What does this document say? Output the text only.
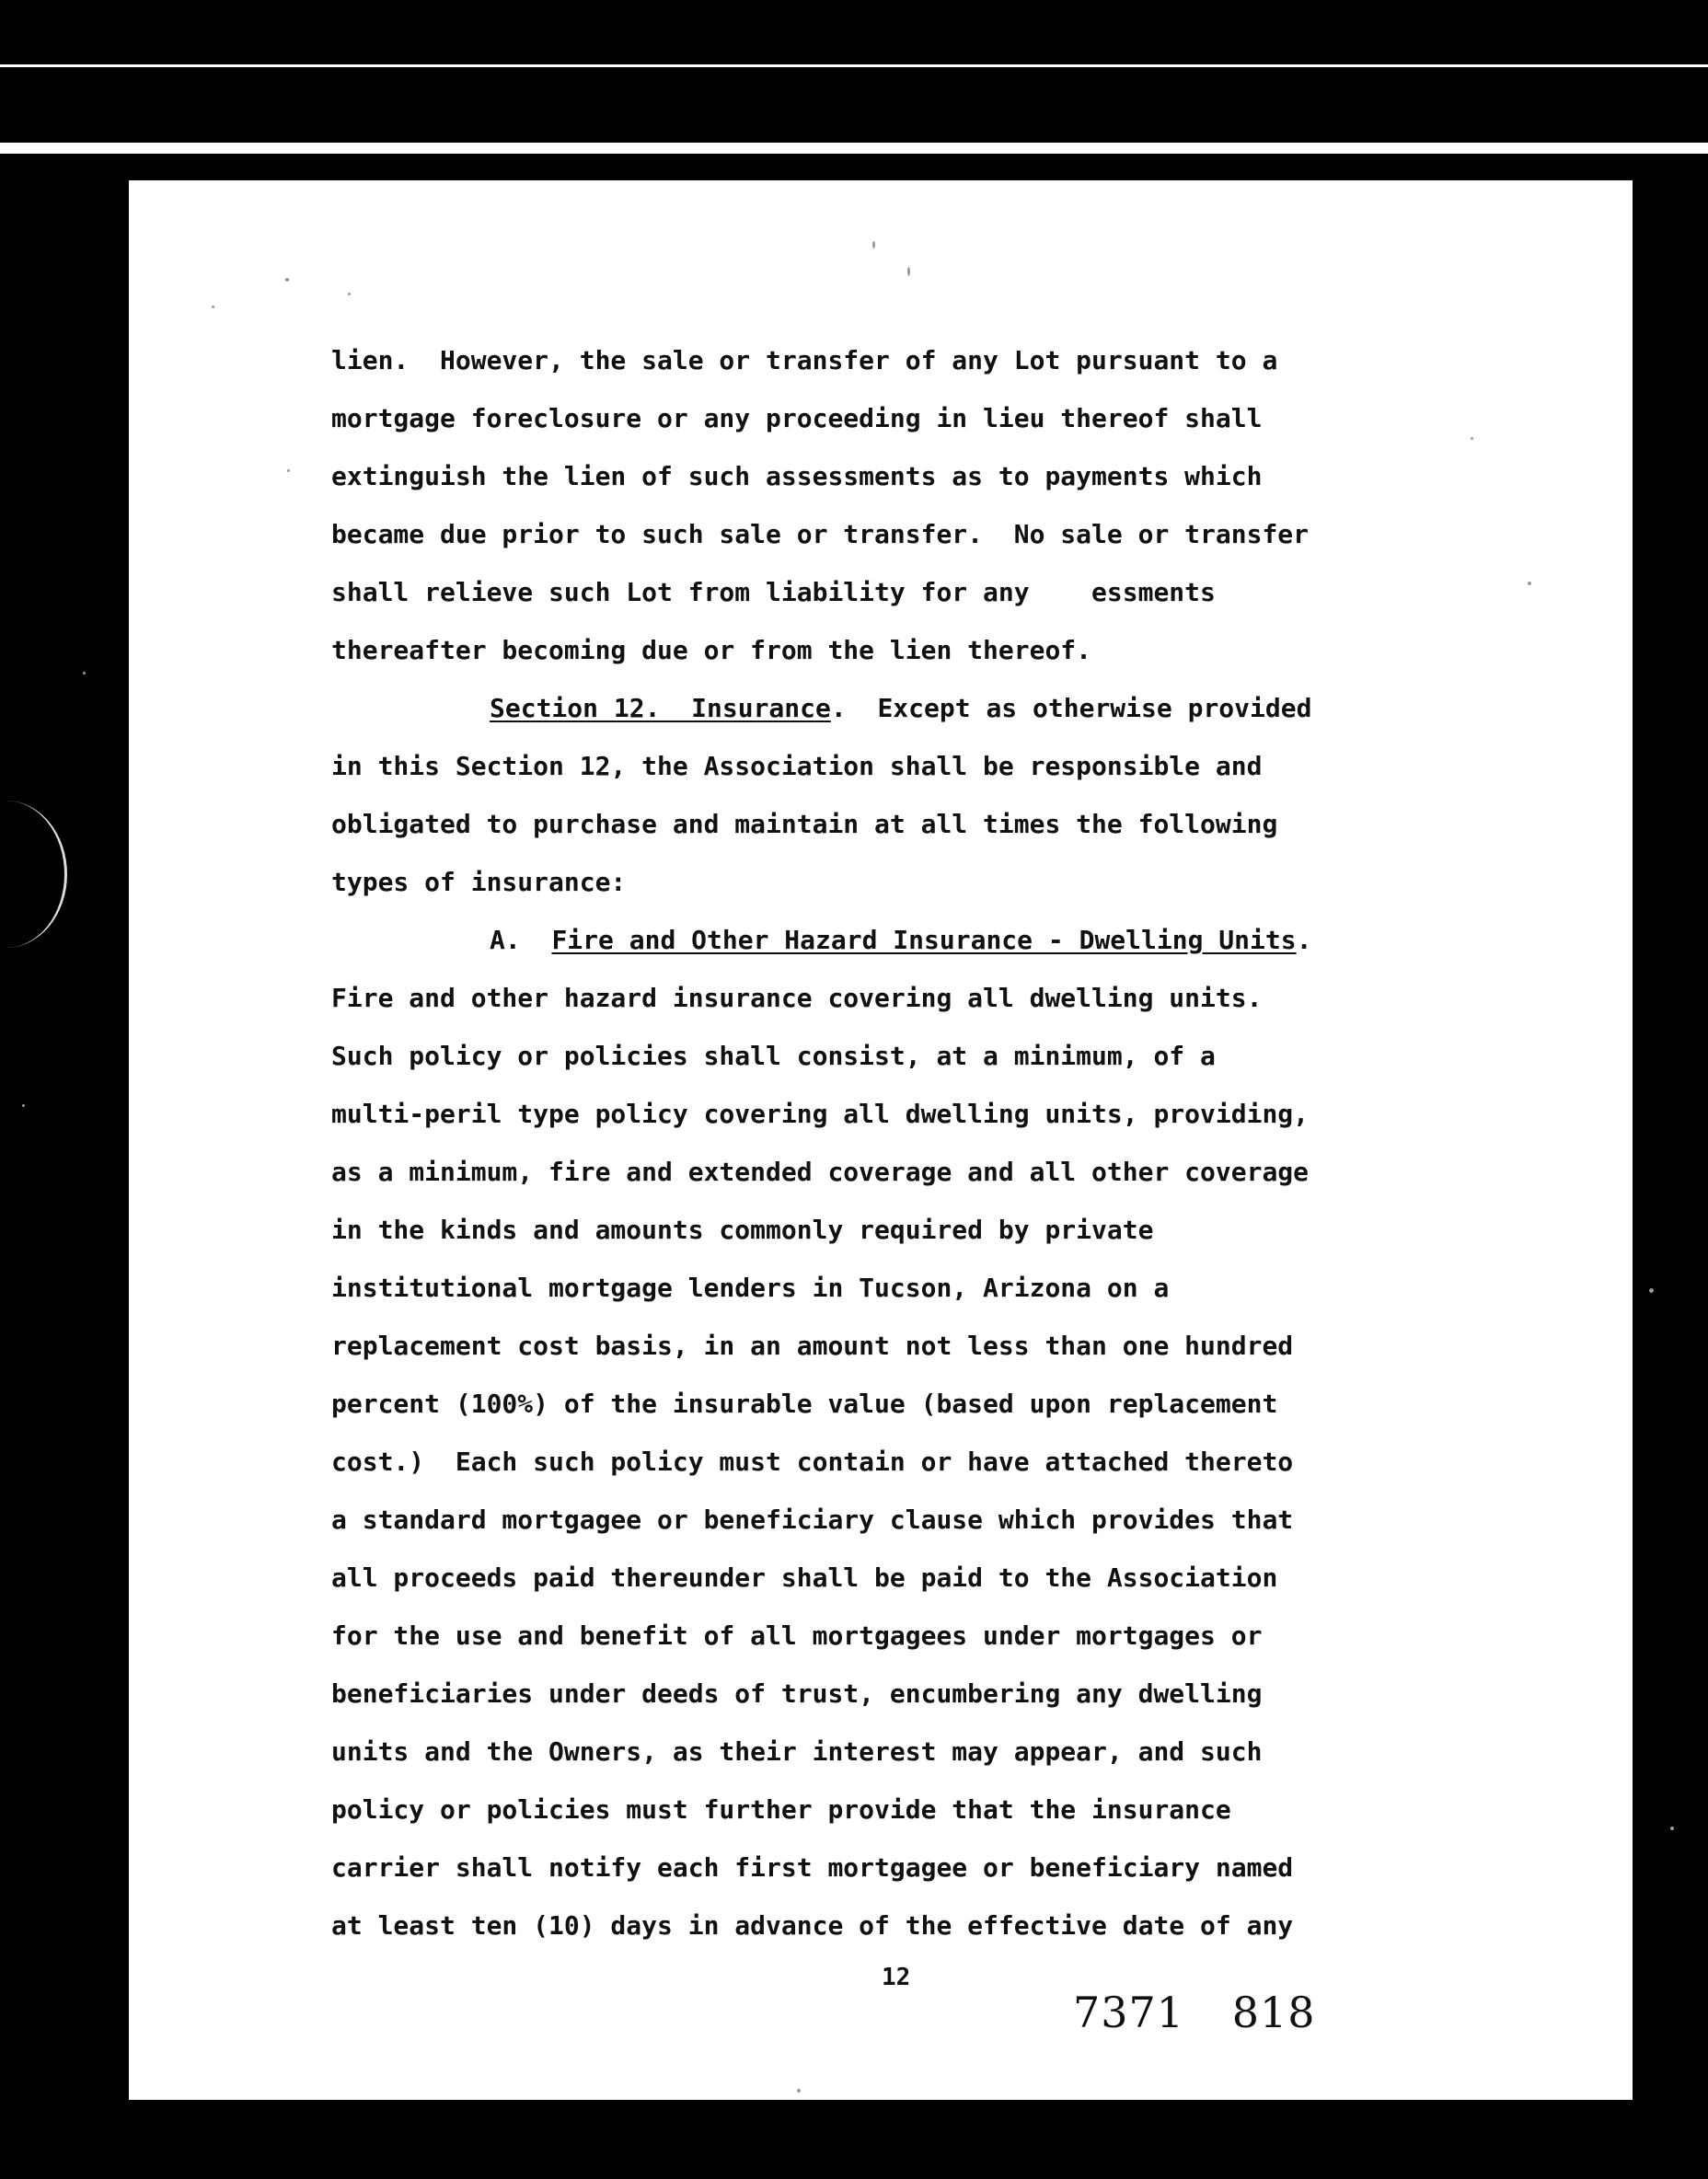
lien.  However, the sale or transfer of any Lot pursuant to a
mortgage foreclosure or any proceeding in lieu thereof shall
extinguish the lien of such assessments as to payments which
became due prior to such sale or transfer.  No sale or transfer
shall relieve such Lot from liability for any    essments
thereafter becoming due or from the lien thereof.
Section 12.  Insurance.  Except as otherwise provided
in this Section 12, the Association shall be responsible and
obligated to purchase and maintain at all times the following
types of insurance:
A.  Fire and Other Hazard Insurance - Dwelling Units.
Fire and other hazard insurance covering all dwelling units.
Such policy or policies shall consist, at a minimum, of a
multi-peril type policy covering all dwelling units, providing,
as a minimum, fire and extended coverage and all other coverage
in the kinds and amounts commonly required by private
institutional mortgage lenders in Tucson, Arizona on a
replacement cost basis, in an amount not less than one hundred
percent (100%) of the insurable value (based upon replacement
cost.)  Each such policy must contain or have attached thereto
a standard mortgagee or beneficiary clause which provides that
all proceeds paid thereunder shall be paid to the Association
for the use and benefit of all mortgagees under mortgages or
beneficiaries under deeds of trust, encumbering any dwelling
units and the Owners, as their interest may appear, and such
policy or policies must further provide that the insurance
carrier shall notify each first mortgagee or beneficiary named
at least ten (10) days in advance of the effective date of any
12
7371 818
